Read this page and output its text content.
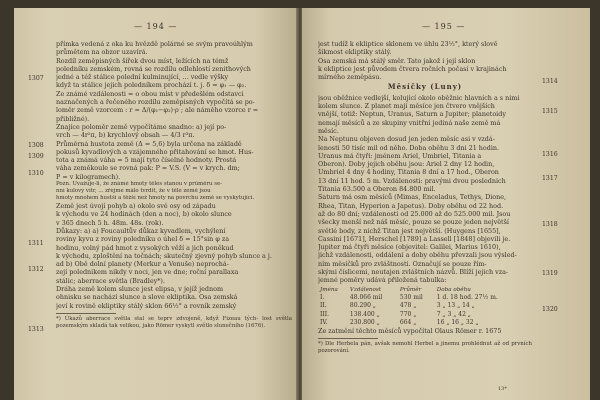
— 194 —
přímka vedená z oka ku hvězdě polárné se svým pravoúhlým
průmětem na obzor uzavírá.
Rozdíl zeměpisných šířek dvou míst, ležících na témž
poledníku zemském, rovná se rozdílu odlehlostí zenithových
jedné a též stálice polední kulminující, ... vedle výšky
když ta stálice jejich poledníkem prochází t. j. δ = φ₁ — φ₂.
Ze známé vzdálenosti = o obou míst v předešlém odstavci
naznačených a řečeného rozdílu zeměpisných vypočítá se po-
loměr země vzorcem : r = Δ/(φ₁−φ₂)·ρ ; ale náměho vzorce r =
přibližné).
Znajíce poloměr země vypočítáme snadno: a) její po-
vrch — 4r²π, b) krychlový obsah — 4/3 r³π.
Průměrná hustota země (Δ = 5,6) byla určena na základě
pokusů kyvadlových a vzájemného přitahování se hmot. Hus-
tota a známá váha = 5 mají tyto číselné hodnoty. Prostá
váha zeměkoule se rovná pak: P = V.S. (V = v krych. dm;
P = v kilogramech).
Pozn. Uvažuje-li, že známé hmoty těles stanou v průměru se-
nní kulový vítr, ... zřejme málo tvrdit, že v těle země jsou
hmoty mnohem hustší a těžší než hmoty na povrchu země se vyskytující.
Země jest úvojí pohyb a) okolo své osy od západu
k východu ve 24 hodinách (den a noc), b) okolo slunce
v 365 dnech 5 h. 48m. 48s. (rok).
Důkazy: a) a) Foucaultův důkaz kyvadlem, vychýlení
roviny kyvu z roviny poledníku o úhel δ = 15°sin φ za
hodinu, volný pád hmot z vysokých věží a jich poněkud
k východu, zploštění na točnách; skutečný zjevný pohyb slunce a j.
ad b) Obě dolní planety (Merkur a Venuše) neprochá-
zejí polednikem nikdy v noci, jen ve dne; roční parallaxa
stálic; aberrace světla (Bradley*).
Dráha země kolem slunce jest elipsa, v jejíž jednom
ohnisku se nachází slunce a slove ekliptika. Osa zemská
jeví k rovině ekliptiky stálý sklon 66½° a rovník zemský
*) Úkazů aberrace světla stal se teprv zdvojeně, když Fizeau tých- lost světla pozemským skladá tak velikou, jako Römer vyskytl světlo slunečního (1676).
1307
1308
1309
1310
1311
1312
1313
— 195 —
jest tudíž k ekliptice sklonem ve úhlu 23½°, který slově
šikmost ekliptiky stálý.
Osa zemská má stálý směr. Tato jakož i její sklon
k ekliptice jest původem čtvera ročních počasí v krajinách
mírného zeměpásu.
Měsíčky (Luny)
jsou oběžnice vedlejší, kolující okolo oběžnic hlavních a s nimi
kolem slunce. Z planet mají měsíce jen čtvero vnějších
vnější, totiž: Neptun, Uranus, Saturn a Jupiter; planetoidy
nemají měsíců a ze skupiny vnitřní jediná naše země má
měsíc.
Na Neptunu objeven dosud jen jeden měsíc asi v vzdá-
lenosti 50 tisíc mil od něho. Doba oběhu 3 dni 21 hodin.
Uranus má čtyři: jménem Ariel, Umbriel, Titania a
Oberon). Doby jejich oběhu jsou: Ariel 2 dny 12 hodin,
Umbriel 4 dny 4 hodiny, Titania 8 dní a 17 hod., Oberon
13 dní 11 hod. 5 m. Vzdálenosti: pravými dvou poslednich
Titania 63.500 a Oberon 84.800 mil.
Saturn má osm měsíců (Mimas, Enceladus, Tethys, Dione,
Rhea, Titan, Hyperion a Japetus). Doby oběhu od 22 hod.
až do 80 dní; vzdálenosti od 25.000 až do 525.000 mil. Jsou
všecky menší než náš měsíc, pouze se pouze jeden největší
světlé body, z nichž Titan jest největší. (Huygens [1655],
Cassini [1671], Herschel [1789] a Lassell [1848] objevili je.
Jupiter má čtyři měsíce (objevitel: Galilei, Marius 1610),
jichž vzdálenosti, oddálení a doby oběhu převzali jsou výsled-
ním měsíčků pro zvláštnosti. Označují se pouze řím-
skými číslicemi, neutajen zvláštních názvů. Blíží jejich vza-
jemné poměry udává přiložená tabulka:
Jména	Vzdálenost	Průměr	Doba oběhu
I.	48.066 mil	530 mil	1 d. 18 hod. 27½ m.
II.	80.290 „	478 „	3 „ 13 „ 14 „
III.	138.400 „	770 „	7 „ 3 „ 42 „
IV.	230.800 „	664 „	16 „ 16 „ 32 „
Ze zatmění těchto měsíců vypočítal Olaus Römer r. 1675
*) Dle Herbela pán, avšak nemohl Herbel a jinemu prohlédnut až od prvních pozorování.
1314
1315
1316
1317
1318
1319
1320
13*
